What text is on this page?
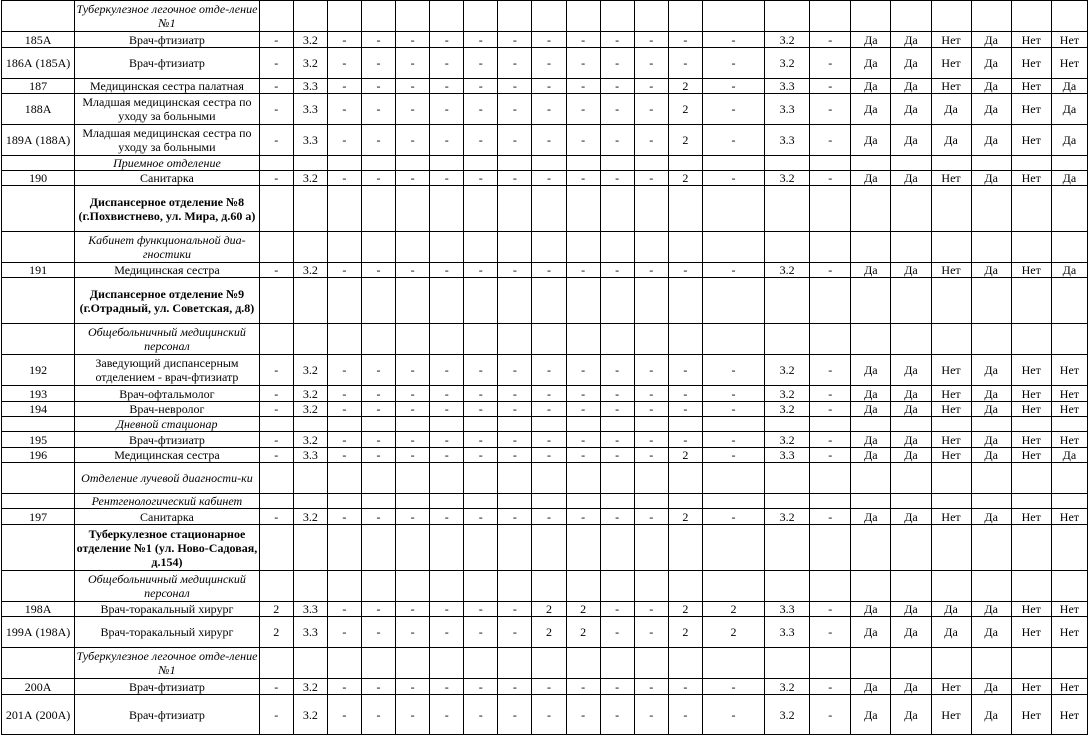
	Туберкулезное легочное отде-ление №1																						
185А	Врач-фтизиатр	-	3.2	-	-	-	-	-	-	-	-	-	-	-	-	3.2	-	Да	Да	Нет	Да	Нет	Нет
186А (185А)	Врач-фтизиатр	-	3.2	-	-	-	-	-	-	-	-	-	-	-	-	3.2	-	Да	Да	Нет	Да	Нет	Нет
187	Медицинская сестра палатная	-	3.3	-	-	-	-	-	-	-	-	-	-	2	-	3.3	-	Да	Да	Нет	Да	Нет	Да
188А	Младшая медицинская сестра по уходу за больными	-	3.3	-	-	-	-	-	-	-	-	-	-	2	-	3.3	-	Да	Да	Да	Да	Нет	Да
189А (188А)	Младшая медицинская сестра по уходу за больными	-	3.3	-	-	-	-	-	-	-	-	-	-	2	-	3.3	-	Да	Да	Да	Да	Нет	Да
	Приемное отделение																						
190	Санитарка	-	3.2	-	-	-	-	-	-	-	-	-	-	2	-	3.2	-	Да	Да	Нет	Да	Нет	Да
	Диспансерное отделение №8 (г.Похвистнево, ул. Мира, д.60 а)																						
	Кабинет функциональной диа-гностики																						
191	Медицинская сестра	-	3.2	-	-	-	-	-	-	-	-	-	-	-	-	3.2	-	Да	Да	Нет	Да	Нет	Да
	Диспансерное отделение №9 (г.Отрадный, ул. Советская, д.8)																						
	Общебольничный медицинский персонал																						
192	Заведующий диспансерным отделением - врач-фтизиатр	-	3.2	-	-	-	-	-	-	-	-	-	-	-	-	3.2	-	Да	Да	Нет	Да	Нет	Нет
193	Врач-офтальмолог	-	3.2	-	-	-	-	-	-	-	-	-	-	-	-	3.2	-	Да	Да	Нет	Да	Нет	Нет
194	Врач-невролог	-	3.2	-	-	-	-	-	-	-	-	-	-	-	-	3.2	-	Да	Да	Нет	Да	Нет	Нет
	Дневной стационар																						
195	Врач-фтизиатр	-	3.2	-	-	-	-	-	-	-	-	-	-	-	-	3.2	-	Да	Да	Нет	Да	Нет	Нет
196	Медицинская сестра	-	3.3	-	-	-	-	-	-	-	-	-	-	2	-	3.3	-	Да	Да	Нет	Да	Нет	Да
	Отделение лучевой диагности-ки																						
	Рентгенологический кабинет																						
197	Санитарка	-	3.2	-	-	-	-	-	-	-	-	-	-	2	-	3.2	-	Да	Да	Нет	Да	Нет	Нет
	Туберкулезное стационарное отделение №1 (ул. Ново-Садовая, д.154)																						
	Общебольничный медицинский персонал																						
198А	Врач-торакальный хирург	2	3.3	-	-	-	-	-	-	2	2	-	-	2	2	3.3	-	Да	Да	Да	Да	Нет	Нет
199А (198А)	Врач-торакальный хирург	2	3.3	-	-	-	-	-	-	2	2	-	-	2	2	3.3	-	Да	Да	Да	Да	Нет	Нет
	Туберкулезное легочное отде-ление №1																						
200А	Врач-фтизиатр	-	3.2	-	-	-	-	-	-	-	-	-	-	-	-	3.2	-	Да	Да	Нет	Да	Нет	Нет
201А (200А)	Врач-фтизиатр	-	3.2	-	-	-	-	-	-	-	-	-	-	-	-	3.2	-	Да	Да	Нет	Да	Нет	Нет
